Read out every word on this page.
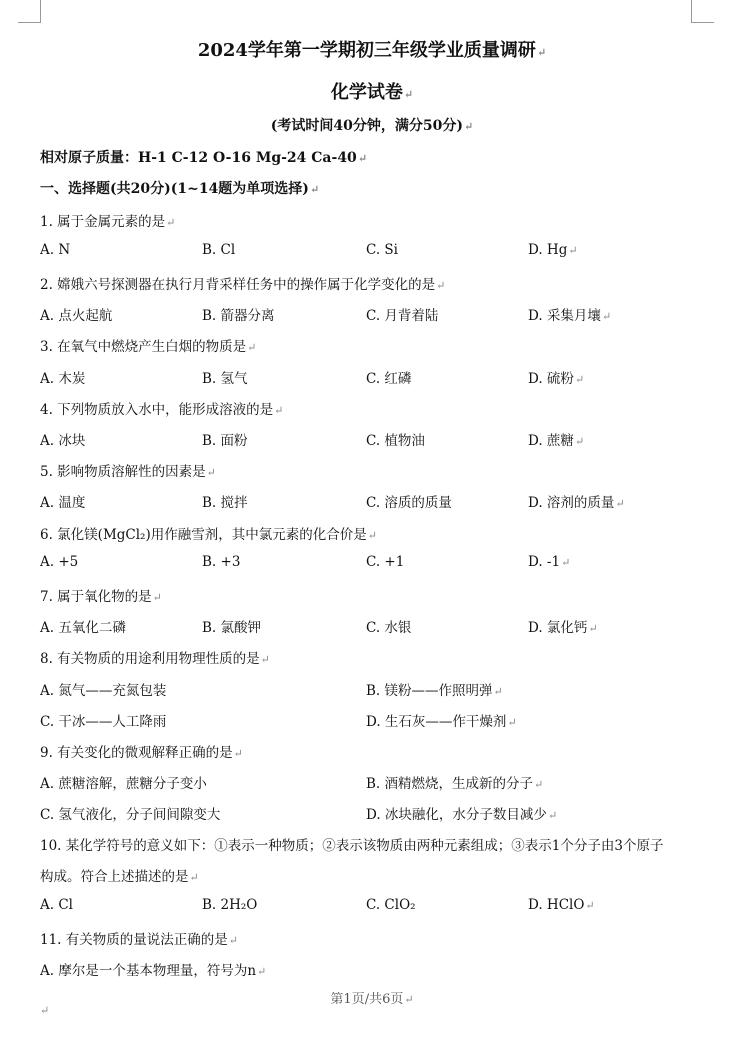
2024学年第一学期初三年级学业质量调研↵
化学试卷↵
(考试时间40分钟，满分50分)↵
相对原子质量：H-1 C-12 O-16 Mg-24 Ca-40↵
一、选择题(共20分)(1~14题为单项选择)↵
1. 属于金属元素的是↵
A. N	B. Cl	C. Si	D. Hg↵
2. 嫦娥六号探测器在执行月背采样任务中的操作属于化学变化的是↵
A. 点火起航	B. 箭器分离	C. 月背着陆	D. 采集月壤↵
3. 在氧气中燃烧产生白烟的物质是↵
A. 木炭	B. 氢气	C. 红磷	D. 硫粉↵
4. 下列物质放入水中，能形成溶液的是↵
A. 冰块	B. 面粉	C. 植物油	D. 蔗糖↵
5. 影响物质溶解性的因素是↵
A. 温度	B. 搅拌	C. 溶质的质量	D. 溶剂的质量↵
6. 氯化镁(MgCl₂)用作融雪剂，其中氯元素的化合价是↵
A. +5	B. +3	C. +1	D. -1↵
7. 属于氧化物的是↵
A. 五氧化二磷	B. 氯酸钾	C. 水银	D. 氯化钙↵
8. 有关物质的用途利用物理性质的是↵
A. 氮气——充氮包装	B. 镁粉——作照明弹↵
C. 干冰——人工降雨	D. 生石灰——作干燥剂↵
9. 有关变化的微观解释正确的是↵
A. 蔗糖溶解，蔗糖分子变小	B. 酒精燃烧，生成新的分子↵
C. 氢气液化，分子间间隙变大	D. 冰块融化，水分子数目减少↵
10. 某化学符号的意义如下：①表示一种物质；②表示该物质由两种元素组成；③表示1个分子由3个原子
构成。符合上述描述的是↵
A. Cl	B. 2H₂O	C. ClO₂	D. HClO↵
11. 有关物质的量说法正确的是↵
A. 摩尔是一个基本物理量，符号为n↵
第1页/共6页↵
↵
